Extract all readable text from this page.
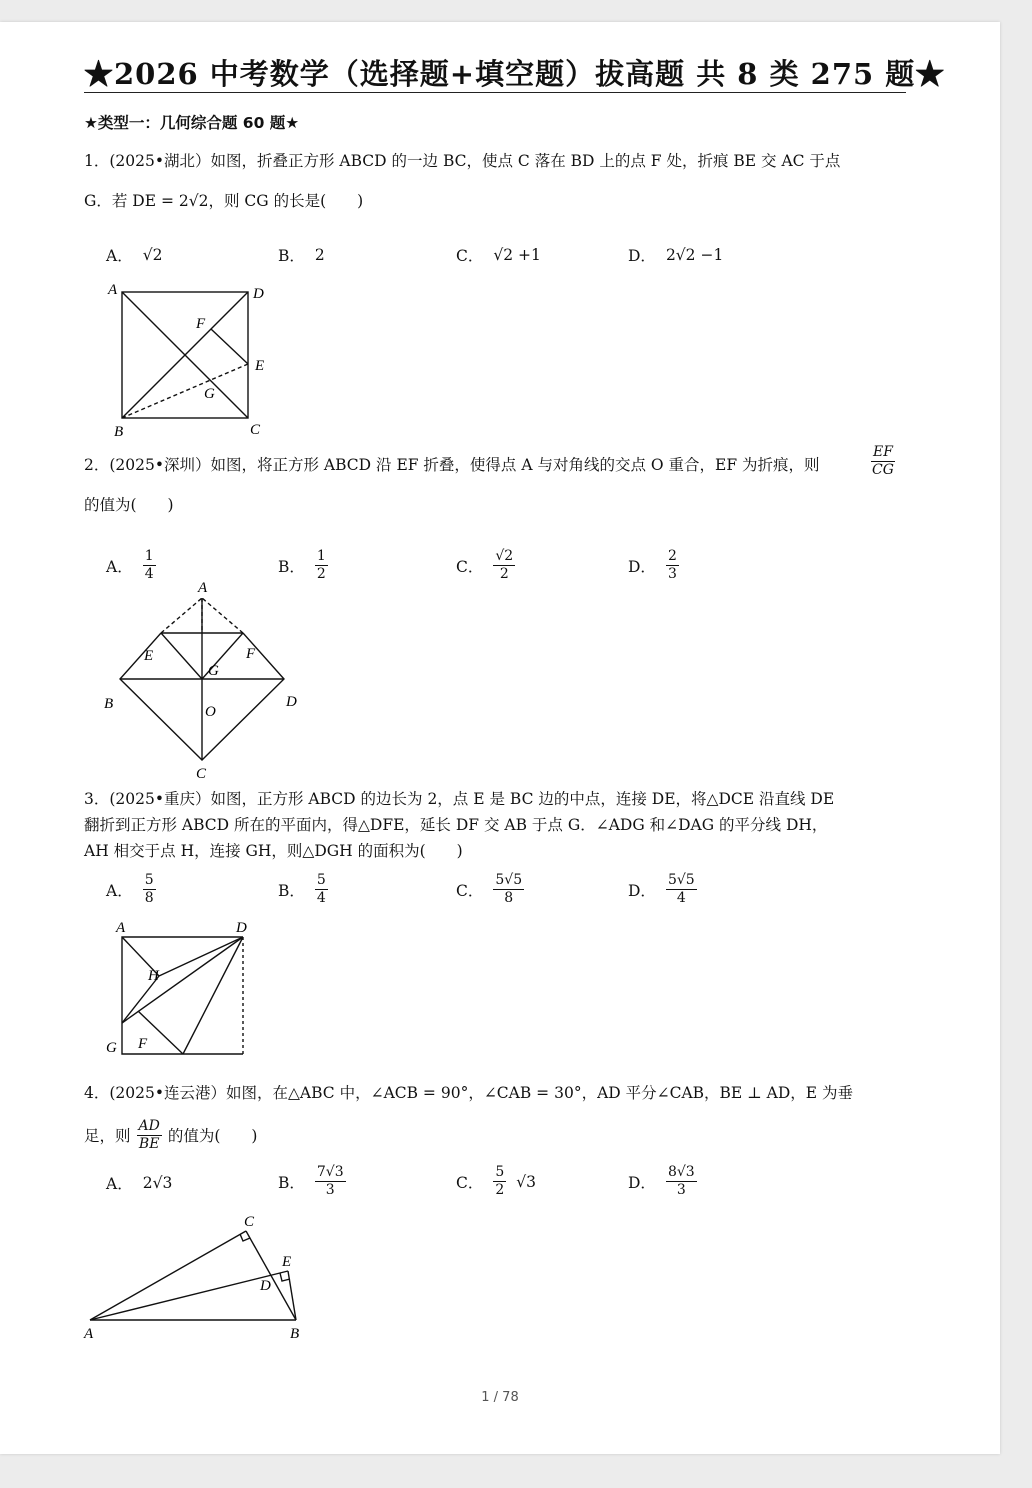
★2026 中考数学（选择题+填空题）拔高题 共 8 类 275 题★
★类型一：几何综合题 60 题★
1．(2025•湖北）如图，折叠正方形 ABCD 的一边 BC，使点 C 落在 BD 上的点 F 处，折痕 BE 交 AC 于点
G．若 DE = 2√2，则 CG 的长是(　　)
A． √2	B． 2	C． √2 +1	D． 2√2 −1
A	D
F
E
G
B	C
2．(2025•深圳）如图，将正方形 ABCD 沿 EF 折叠，使得点 A 与对角线的交点 O 重合，EF 为折痕，则	$\frac{EF}{CG}$
的值为(　　)
A． $\frac{1}{4}$	B． $\frac{1}{2}$	C． $\frac{√2}{2}$	D． $\frac{2}{3}$
A
E	F
G
B	O
D
C
3．(2025•重庆）如图，正方形 ABCD 的边长为 2，点 E 是 BC 边的中点，连接 DE，将△DCE 沿直线 DE
翻折到正方形 ABCD 所在的平面内，得△DFE，延长 DF 交 AB 于点 G．∠ADG 和∠DAG 的平分线 DH，
AH 相交于点 H，连接 GH，则△DGH 的面积为(　　)
A． $\frac{5}{8}$	B． $\frac{5}{4}$	C． $\frac{5√5}{8}$	D． $\frac{5√5}{4}$
A	D
H
G F
4．(2025•连云港）如图，在△ABC 中，∠ACB = 90°，∠CAB = 30°，AD 平分∠CAB，BE ⊥ AD，E 为垂
足，则 $\frac{AD}{BE}$ 的值为(　　)
A． 2√3	B． $\frac{7√3}{3}$	C． $\frac{5}{2} √3$	D． $\frac{8√3}{3}$
C
E
D
A	B
1 / 78
